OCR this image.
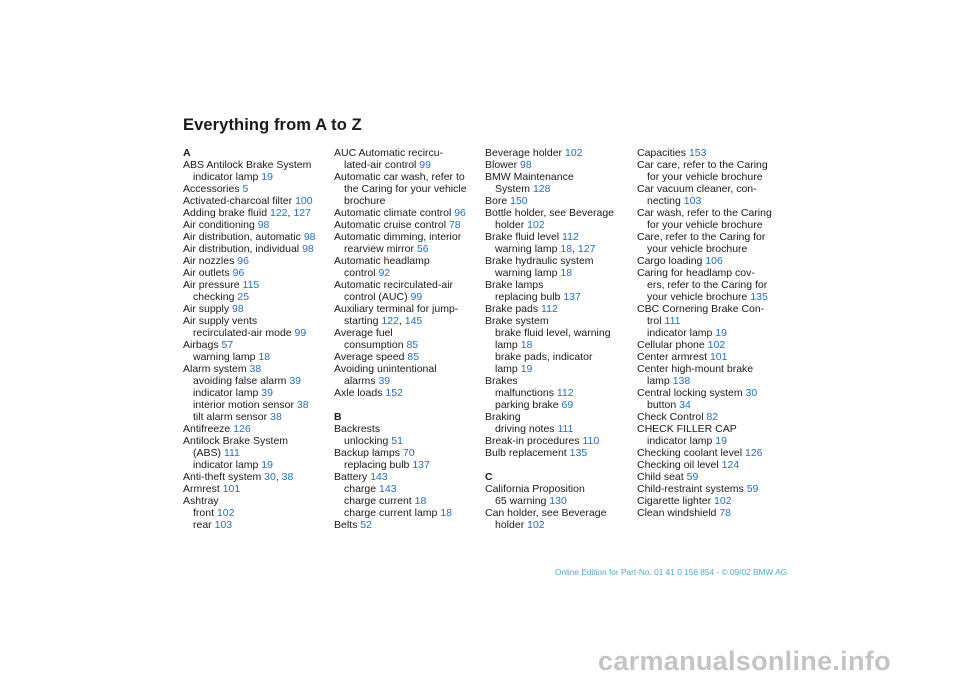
Everything from A to Z
A
ABS Antilock Brake System
indicator lamp 19
Accessories 5
Activated-charcoal filter 100
Adding brake fluid 122, 127
Air conditioning 98
Air distribution, automatic 98
Air distribution, individual 98
Air nozzles 96
Air outlets 96
Air pressure 115
checking 25
Air supply 98
Air supply vents
recirculated-air mode 99
Airbags 57
warning lamp 18
Alarm system 38
avoiding false alarm 39
indicator lamp 39
interior motion sensor 38
tilt alarm sensor 38
Antifreeze 126
Antilock Brake System
(ABS) 111
indicator lamp 19
Anti-theft system 30, 38
Armrest 101
Ashtray
front 102
rear 103
AUC Automatic recircu-
lated-air control 99
Automatic car wash, refer to
the Caring for your vehicle
brochure
Automatic climate control 96
Automatic cruise control 78
Automatic dimming, interior
rearview mirror 56
Automatic headlamp
control 92
Automatic recirculated-air
control (AUC) 99
Auxiliary terminal for jump-
starting 122, 145
Average fuel
consumption 85
Average speed 85
Avoiding unintentional
alarms 39
Axle loads 152
B
Backrests
unlocking 51
Backup lamps 70
replacing bulb 137
Battery 143
charge 143
charge current 18
charge current lamp 18
Belts 52
Beverage holder 102
Blower 98
BMW Maintenance
System 128
Bore 150
Bottle holder, see Beverage
holder 102
Brake fluid level 112
warning lamp 18, 127
Brake hydraulic system
warning lamp 18
Brake lamps
replacing bulb 137
Brake pads 112
Brake system
brake fluid level, warning
lamp 18
brake pads, indicator
lamp 19
Brakes
malfunctions 112
parking brake 69
Braking
driving notes 111
Break-in procedures 110
Bulb replacement 135
C
California Proposition
65 warning 130
Can holder, see Beverage
holder 102
Capacities 153
Car care, refer to the Caring
for your vehicle brochure
Car vacuum cleaner, con-
necting 103
Car wash, refer to the Caring
for your vehicle brochure
Care, refer to the Caring for
your vehicle brochure
Cargo loading 106
Caring for headlamp cov-
ers, refer to the Caring for
your vehicle brochure 135
CBC Cornering Brake Con-
trol 111
indicator lamp 19
Cellular phone 102
Center armrest 101
Center high-mount brake
lamp 138
Central locking system 30
button 34
Check Control 82
CHECK FILLER CAP
indicator lamp 19
Checking coolant level 126
Checking oil level 124
Child seat 59
Child-restraint systems 59
Cigarette lighter 102
Clean windshield 78
Online Edition for Part-No. 01 41 0 156 854 - © 09/02 BMW AG
carmanualsonline.info
